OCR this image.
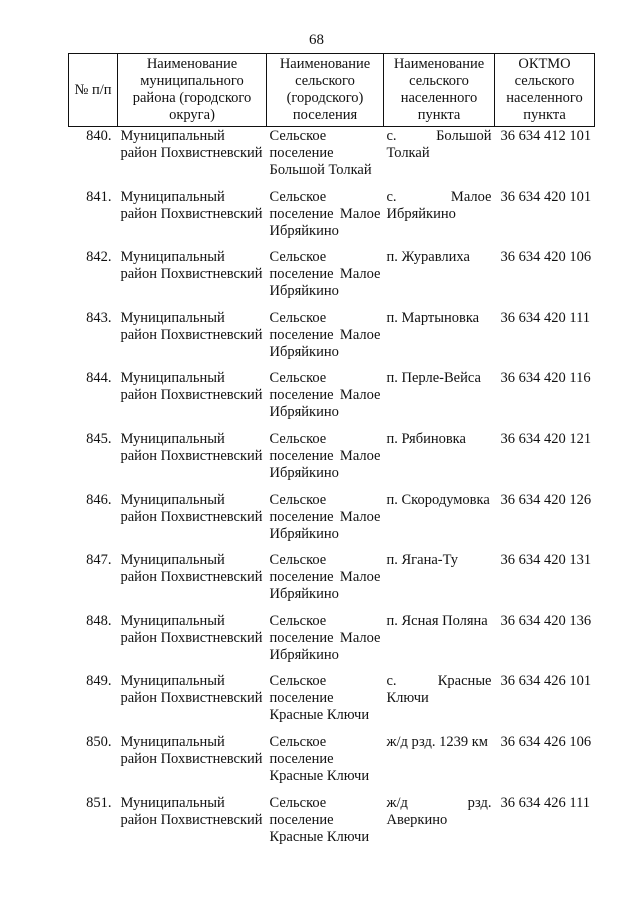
68
№ п/п	Наименование муниципального района (городского округа)	Наименование сельского (городского) поселения	Наименование сельского населенного пункта	ОКТМО сельского населенного пункта
840.	Муниципальный район Похвистневский	Сельское поселение Большой Толкай	с. Большой Толкай	36 634 412 101
841.	Муниципальный район Похвистневский	Сельское поселение Малое Ибряйкино	с. Малое Ибряйкино	36 634 420 101
842.	Муниципальный район Похвистневский	Сельское поселение Малое Ибряйкино	п. Журавлиха	36 634 420 106
843.	Муниципальный район Похвистневский	Сельское поселение Малое Ибряйкино	п. Мартыновка	36 634 420 111
844.	Муниципальный район Похвистневский	Сельское поселение Малое Ибряйкино	п. Перле-Вейса	36 634 420 116
845.	Муниципальный район Похвистневский	Сельское поселение Малое Ибряйкино	п. Рябиновка	36 634 420 121
846.	Муниципальный район Похвистневский	Сельское поселение Малое Ибряйкино	п. Скородумовка	36 634 420 126
847.	Муниципальный район Похвистневский	Сельское поселение Малое Ибряйкино	п. Ягана-Ту	36 634 420 131
848.	Муниципальный район Похвистневский	Сельское поселение Малое Ибряйкино	п. Ясная Поляна	36 634 420 136
849.	Муниципальный район Похвистневский	Сельское поселение Красные Ключи	с. Красные Ключи	36 634 426 101
850.	Муниципальный район Похвистневский	Сельское поселение Красные Ключи	ж/д рзд. 1239 км	36 634 426 106
851.	Муниципальный район Похвистневский	Сельское поселение Красные Ключи	ж/д рзд. Аверкино	36 634 426 111
